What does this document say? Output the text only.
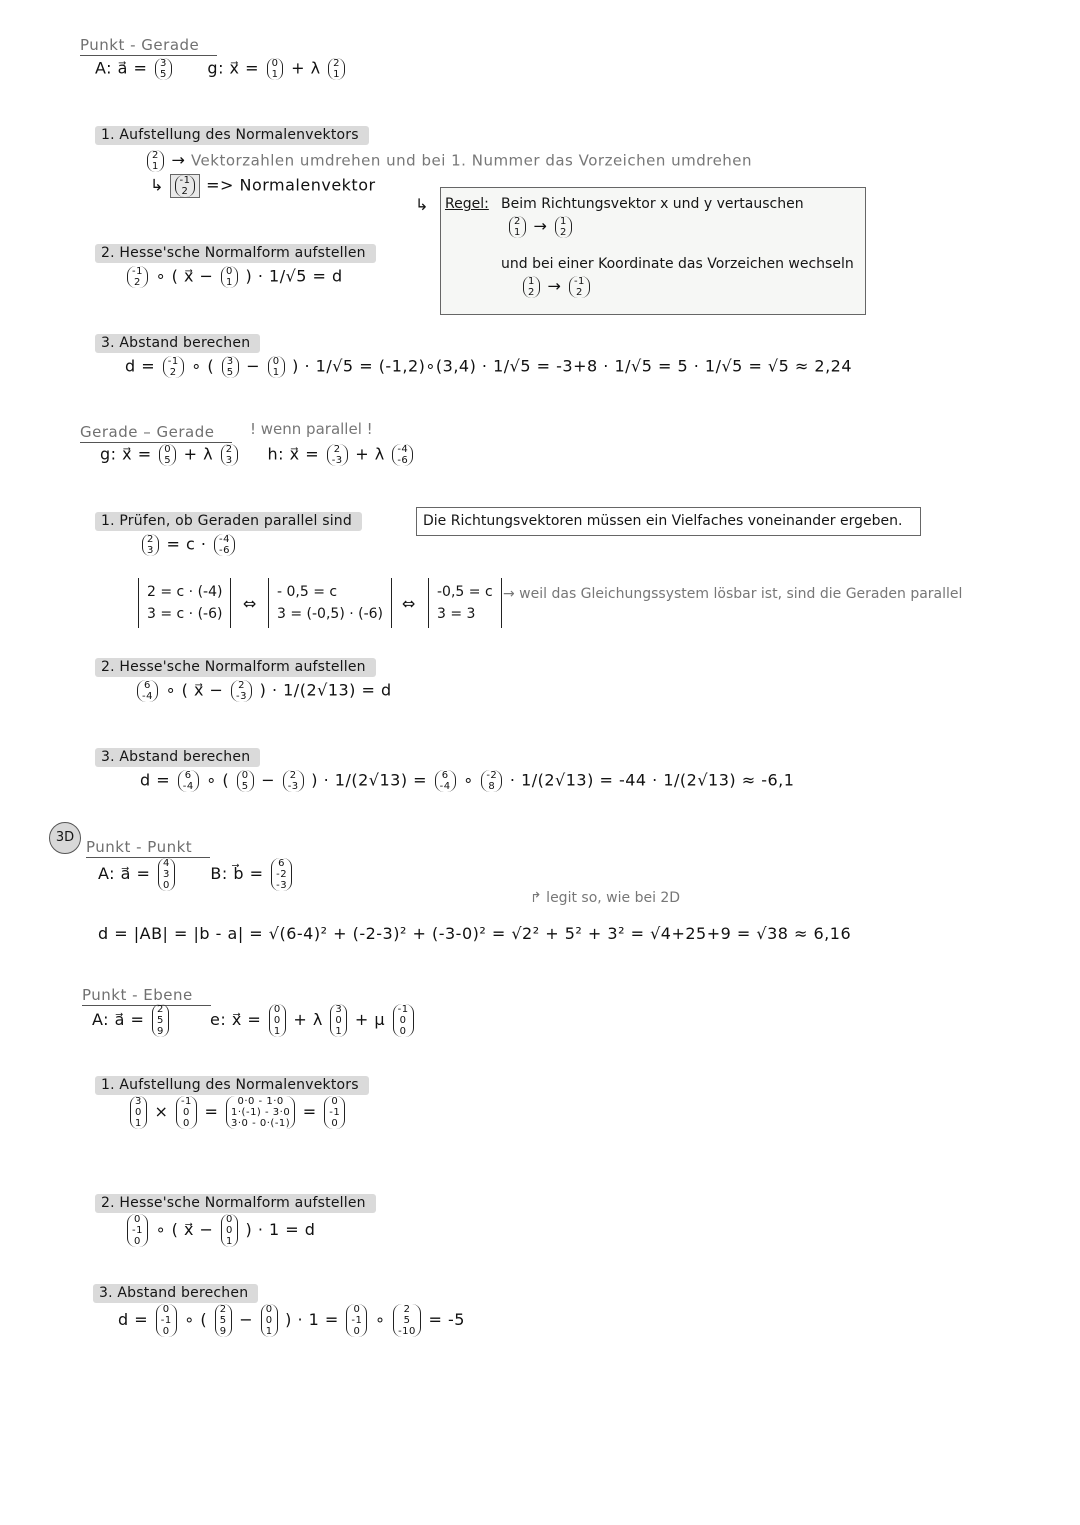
Punkt - Gerade
A: a⃗ = 3
5	g: x⃗ = 0
1 + λ 2
1
1. Aufstellung des Normalenvektors
2
1 → Vektorzahlen umdrehen und bei 1. Nummer das Vorzeichen umdrehen
↳ -1
2 => Normalenvektor
↳ Regel: Beim Richtungsvektor x und y vertauschen
2
1 → 1
2
und bei einer Koordinate das Vorzeichen wechseln
1
2 → -1
2
2. Hesse'sche Normalform aufstellen
-1
2 ∘ ( x⃗ − 0
1 ) · 1/√5 = d
3. Abstand berechen
d = -1
2 ∘ ( 3
5 − 0
1 ) · 1/√5 = (-1,2)∘(3,4) · 1/√5 = -3+8 · 1/√5 = 5 · 1/√5 = √5 ≈ 2,24
Gerade – Gerade	! wenn parallel !
g: x⃗ = 0
5 + λ 2
3 h: x⃗ = 2
-3 + λ -4
-6
1. Prüfen, ob Geraden parallel sind	Die Richtungsvektoren müssen ein Vielfaches voneinander ergeben.
2
3 = c · -4
-6
2 = c · (-4)
3 = c · (-6)
⇔
- 0,5 = c
3 = (-0,5) · (-6)
⇔
-0,5 = c
3 = 3
→ weil das Gleichungssystem lösbar ist, sind die Geraden parallel
2. Hesse'sche Normalform aufstellen
6
-4 ∘ ( x⃗ − 2
-3 ) · 1/(2√13) = d
3. Abstand berechen
d = 6
-4 ∘ ( 0
5 − 2
-3 ) · 1/(2√13) = 6
-4 ∘ -2
8 · 1/(2√13) = -44 · 1/(2√13) ≈ -6,1
3D
Punkt - Punkt
A: a⃗ =
4
3
0
B: b⃗ =
6
-2
-3
↱ legit so, wie bei 2D
d = |AB| = |b - a| = √(6-4)² + (-2-3)² + (-3-0)² = √2² + 5² + 3² = √4+25+9 = √38 ≈ 6,16
Punkt - Ebene
A: a⃗ =
2
5
9
e: x⃗ =
0
0
1
+ λ
3
0
1
+ μ
-1
0
0
1. Aufstellung des Normalenvektors
3
0
1
×
-1
0
0
=
0·0 - 1·0
1·(-1) - 3·0
3·0 - 0·(-1)
=
0
-1
0
2. Hesse'sche Normalform aufstellen
0
-1
0
∘ ( x⃗ −
0
0
1
) · 1 = d
3. Abstand berechen
d =
0
-1
0
∘ (
2
5
9
−
0
0
1
) · 1 =
0
-1
0
∘
2
5
-10
= -5
